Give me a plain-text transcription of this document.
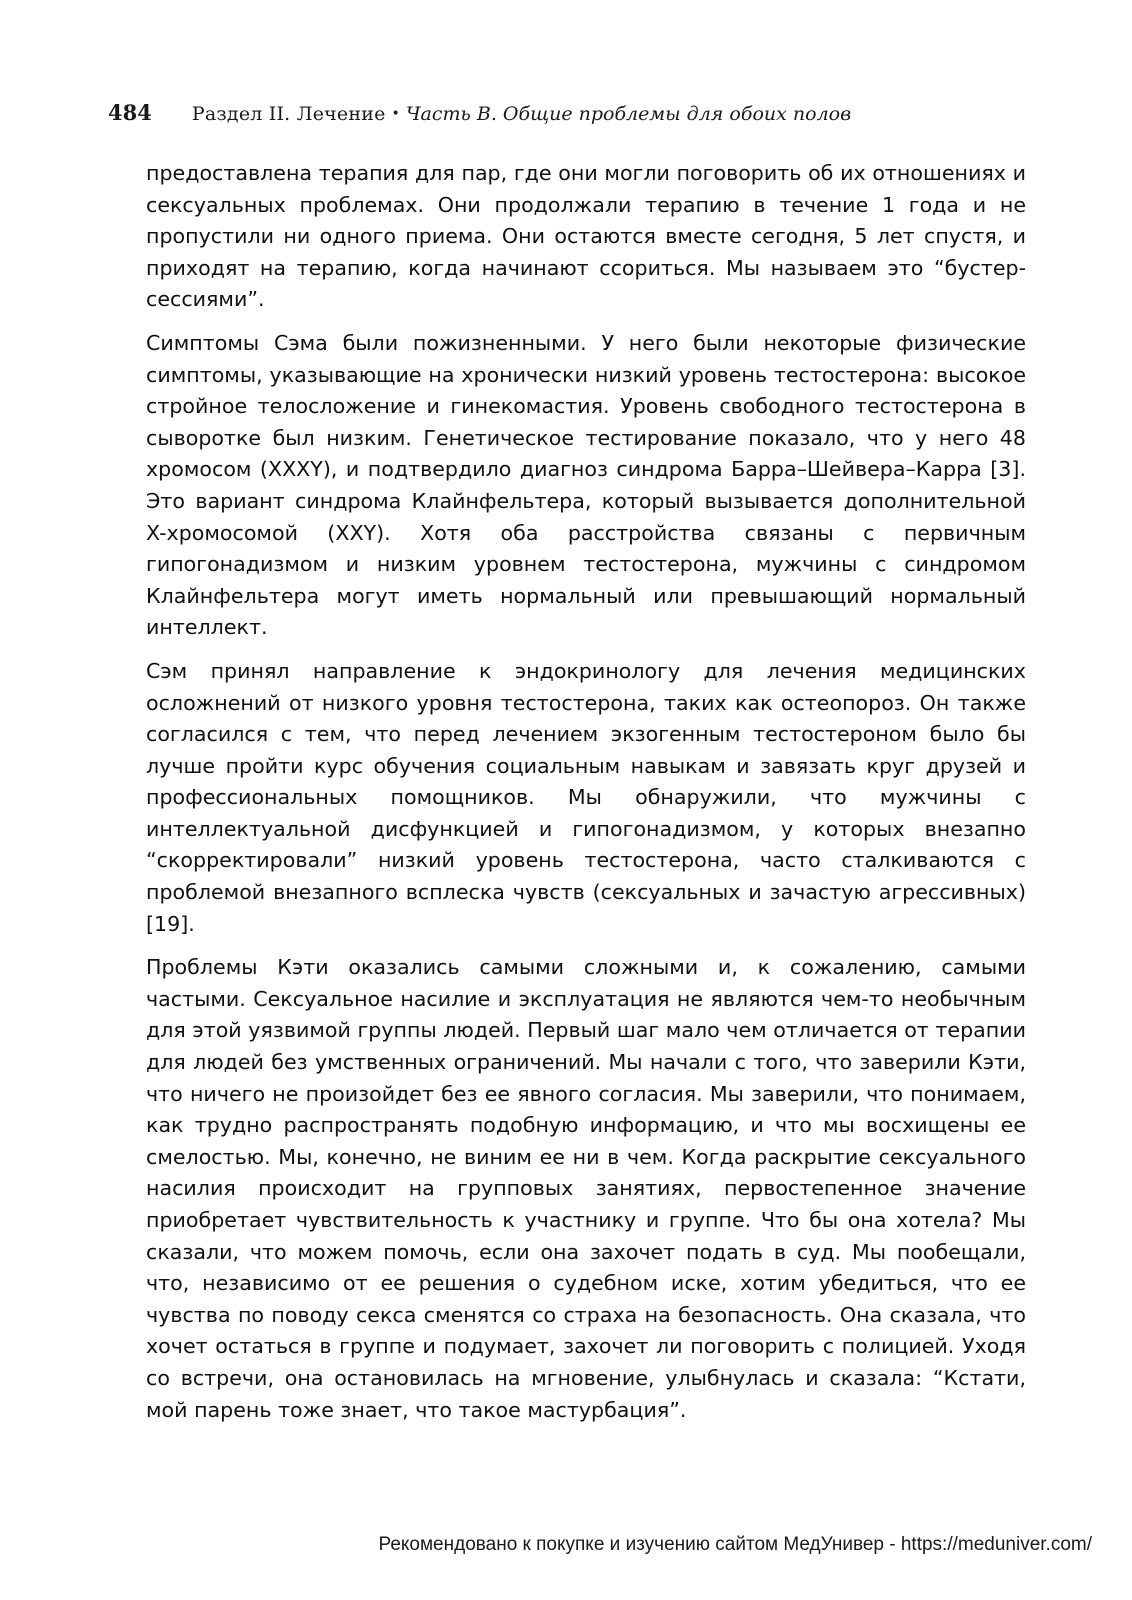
484 Раздел II. Лечение • Часть B. Общие проблемы для обоих полов

предоставлена терапия для пар, где они могли поговорить об их отношениях и сексуальных проблемах. Они продолжали терапию в течение 1 года и не пропустили ни одного приема. Они остаются вместе сегодня, 5 лет спустя, и приходят на терапию, когда начинают ссориться. Мы называем это “бустер-сессиями”.

Симптомы Сэма были пожизненными. У него были некоторые физические симптомы, указывающие на хронически низкий уровень тестостерона: высокое стройное телосложение и гинекомастия. Уровень свободного тестостерона в сыворотке был низким. Генетическое тестирование показало, что у него 48 хромосом (XXXY), и подтвердило диагноз синдрома Барра–Шейвера–Карра [3]. Это вариант синдрома Клайнфельтера, который вызывается дополнительной X-хромосомой (XXY). Хотя оба расстройства связаны с первичным гипогонадизмом и низким уровнем тестостерона, мужчины с синдромом Клайнфельтера могут иметь нормальный или превышающий нормальный интеллект.

Сэм принял направление к эндокринологу для лечения медицинских осложнений от низкого уровня тестостерона, таких как остеопороз. Он также согласился с тем, что перед лечением экзогенным тестостероном было бы лучше пройти курс обучения социальным навыкам и завязать круг друзей и профессиональных помощников. Мы обнаружили, что мужчины с интеллектуальной дисфункцией и гипогонадизмом, у которых внезапно “скорректировали” низкий уровень тестостерона, часто сталкиваются с проблемой внезапного всплеска чувств (сексуальных и зачастую агрессивных) [19].

Проблемы Кэти оказались самыми сложными и, к сожалению, самыми частыми. Сексуальное насилие и эксплуатация не являются чем-то необычным для этой уязвимой группы людей. Первый шаг мало чем отличается от терапии для людей без умственных ограничений. Мы начали с того, что заверили Кэти, что ничего не произойдет без ее явного согласия. Мы заверили, что понимаем, как трудно распространять подобную информацию, и что мы восхищены ее смелостью. Мы, конечно, не виним ее ни в чем. Когда раскрытие сексуального насилия происходит на групповых занятиях, первостепенное значение приобретает чувствительность к участнику и группе. Что бы она хотела? Мы сказали, что можем помочь, если она захочет подать в суд. Мы пообещали, что, независимо от ее решения о судебном иске, хотим убедиться, что ее чувства по поводу секса сменятся со страха на безопасность. Она сказала, что хочет остаться в группе и подумает, захочет ли поговорить с полицией. Уходя со встречи, она остановилась на мгновение, улыбнулась и сказала: “Кстати, мой парень тоже знает, что такое мастурбация”.

Рекомендовано к покупке и изучению сайтом МедУнивер - https://meduniver.com/
